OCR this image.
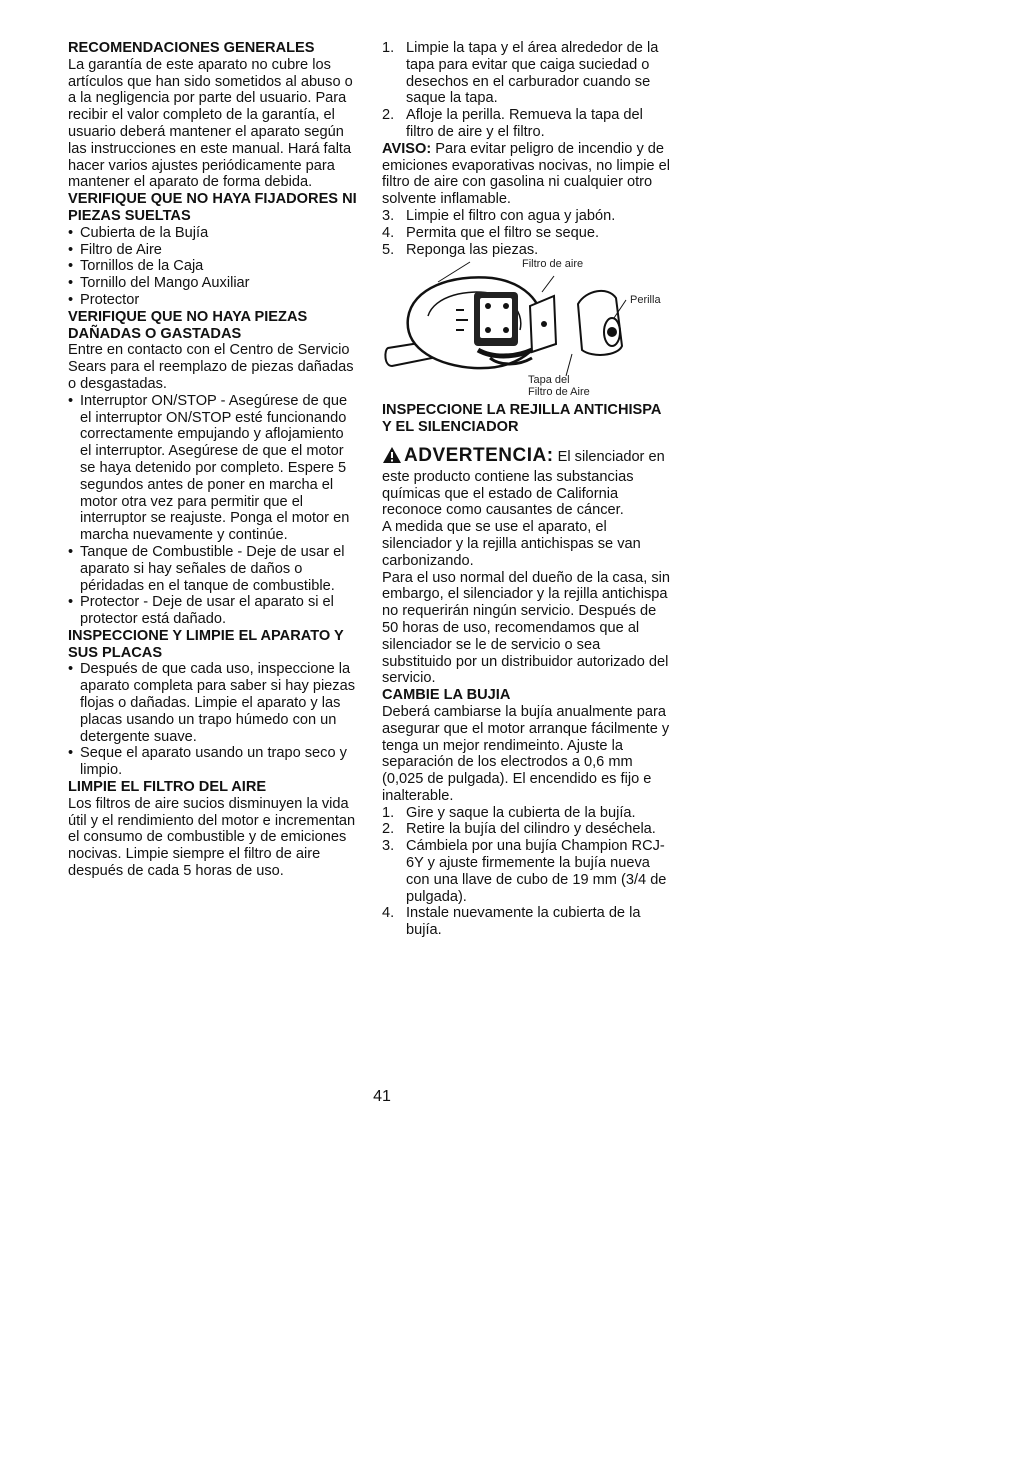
RECOMENDACIONES GENERALES

La garantía de este aparato no cubre los artículos que han sido sometidos al abuso o a la negligencia por parte del usuario. Para recibir el valor completo de la garantía, el usuario deberá mantener el aparato según las instrucciones en este manual. Hará falta hacer varios ajustes periódicamente para mantener el aparato de forma debida.

VERIFIQUE QUE NO HAYA FIJADORES NI PIEZAS SUELTAS
• Cubierta de la Bujía
• Filtro de Aire
• Tornillos de la Caja
• Tornillo del Mango Auxiliar
• Protector
VERIFIQUE QUE NO HAYA PIEZAS DAÑADAS O GASTADAS

Entre en contacto con el Centro de Servicio Sears para el reemplazo de piezas dañadas o desgastadas.

• Interruptor ON/STOP - Asegúrese de que el interruptor ON/STOP esté funcionando correctamente empujando y aflojamiento el interruptor. Asegúrese de que el motor se haya detenido por completo. Espere 5 segundos antes de poner en marcha el motor otra vez para permitir que el interruptor se reajuste. Ponga el motor en marcha nuevamente y continúe.
• Tanque de Combustible - Deje de usar el aparato si hay señales de daños o péridadas en el tanque de combustible.
• Protector - Deje de usar el aparato si el protector está dañado.
INSPECCIONE Y LIMPIE EL APARATO Y SUS PLACAS
• Después de que cada uso, inspeccione la aparato completa para saber si hay piezas flojas o dañadas. Limpie el aparato y las placas usando un trapo húmedo con un detergente suave.
• Seque el aparato usando un trapo seco y limpio.
LIMPIE EL FILTRO DEL AIRE

Los filtros de aire sucios disminuyen la vida útil y el rendimiento del motor e incrementan el consumo de combustible y de emiciones nocivas. Limpie siempre el filtro de aire después de cada 5 horas de uso.

1. Limpie la tapa y el área alrededor de la tapa para evitar que caiga suciedad o desechos en el carburador cuando se saque la tapa.
2. Afloje la perilla. Remueva la tapa del filtro de aire y el filtro.

AVISO: Para evitar peligro de incendio y de emiciones evaporativas nocivas, no limpie el filtro de aire con gasolina ni cualquier otro solvente inflamable.

3. Limpie el filtro con agua y jabón.
4. Permita que el filtro se seque.
5. Reponga las piezas.
Filtro de aire
Perilla
Tapa del
Filtro de Aire
INSPECCIONE LA REJILLA ANTICHISPA Y EL SILENCIADOR

ADVERTENCIA: El silenciador en este producto contiene las substancias químicas que el estado de California reconoce como causantes de cáncer.

A medida que se use el aparato, el silenciador y la rejilla antichispas se van carbonizando.

Para el uso normal del dueño de la casa, sin embargo, el silenciador y la rejilla antichispa no requerirán ningún servicio. Después de 50 horas de uso, recomendamos que al silenciador se le de servicio o sea substituido por un distribuidor autorizado del servicio.

CAMBIE LA BUJIA

Deberá cambiarse la bujía anualmente para asegurar que el motor arranque fácilmente y tenga un mejor rendimeinto. Ajuste la separación de los electrodos a 0,6 mm (0,025 de pulgada). El encendido es fijo e inalterable.

1. Gire y saque la cubierta de la bujía.
2. Retire la bujía del cilindro y deséchela.
3. Cámbiela por una bujía Champion RCJ-6Y y ajuste firmemente la bujía nueva con una llave de cubo de 19 mm (3/4 de pulgada).
4. Instale nuevamente la cubierta de la bujía.
41
